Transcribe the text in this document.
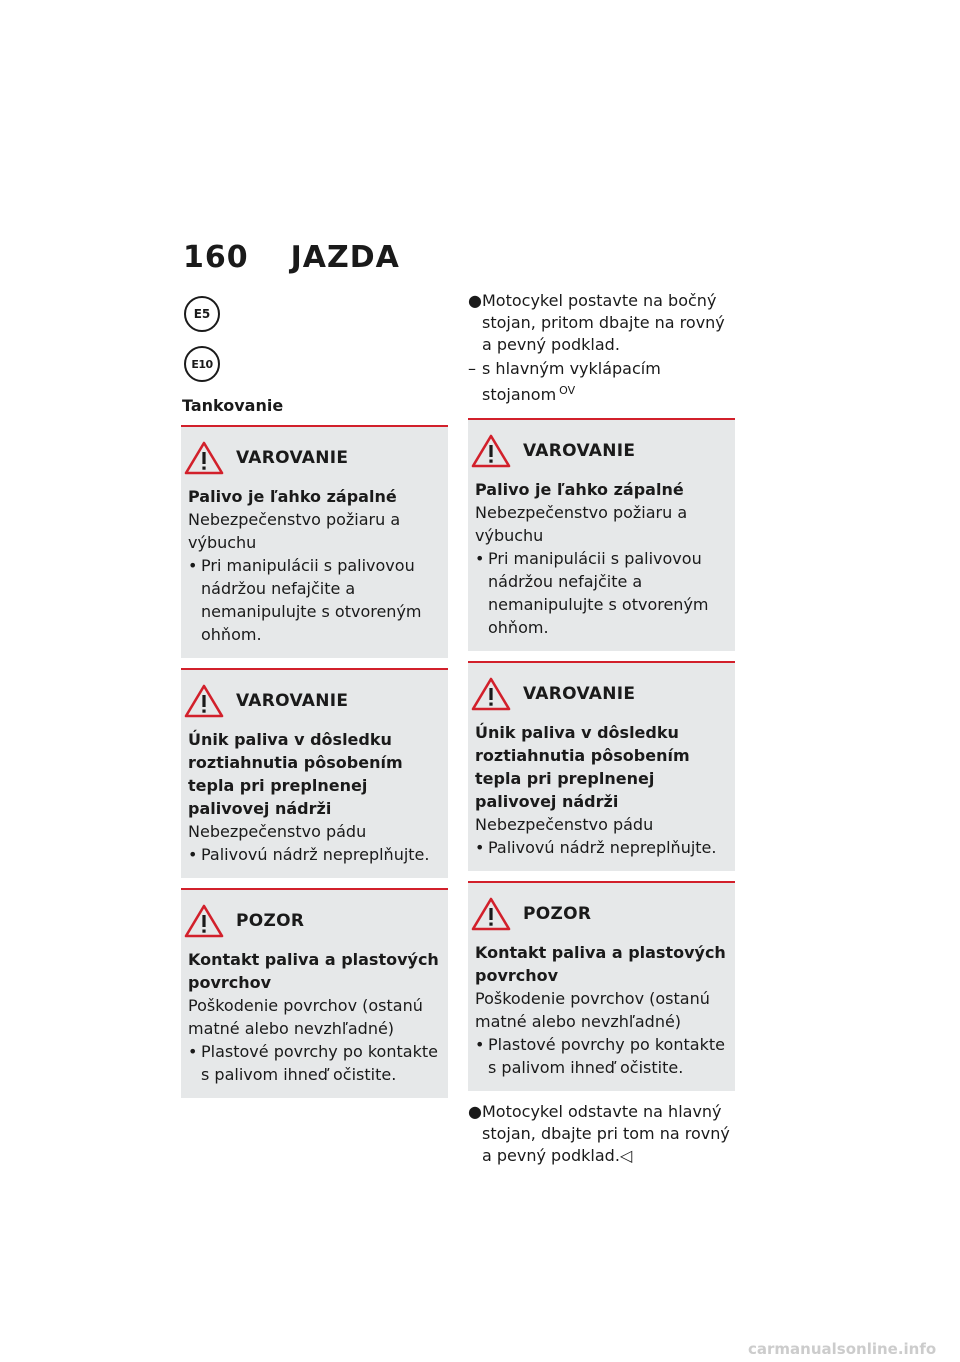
160 JAZDA
E5
E10
Tankovanie
VAROVANIE
Palivo je ľahko zápalné
Nebezpečenstvo požiaru a výbuchu
• Pri manipulácii s palivovou nádržou nefajčite a nemanipulujte s otvoreným ohňom.
VAROVANIE
Únik paliva v dôsledku roztiahnutia pôsobením tepla pri preplnenej palivovej nádrži
Nebezpečenstvo pádu
• Palivovú nádrž nepreplňujte.
POZOR
Kontakt paliva a plastových povrchov
Poškodenie povrchov (ostanú matné alebo nevzhľadné)
• Plastové povrchy po kontakte s palivom ihneď očistite.
● Motocykel postavte na bočný stojan, pritom dbajte na rovný a pevný podklad.
– s hlavným vyklápacím stojanom $^{OV}$
VAROVANIE
Palivo je ľahko zápalné
Nebezpečenstvo požiaru a výbuchu
• Pri manipulácii s palivovou nádržou nefajčite a nemanipulujte s otvoreným ohňom.
VAROVANIE
Únik paliva v dôsledku roztiahnutia pôsobením tepla pri preplnenej palivovej nádrži
Nebezpečenstvo pádu
• Palivovú nádrž nepreplňujte.
POZOR
Kontakt paliva a plastových povrchov
Poškodenie povrchov (ostanú matné alebo nevzhľadné)
• Plastové povrchy po kontakte s palivom ihneď očistite.
● Motocykel odstavte na hlavný stojan, dbajte pri tom na rovný a pevný podklad.◁
carmanualsonline.info
